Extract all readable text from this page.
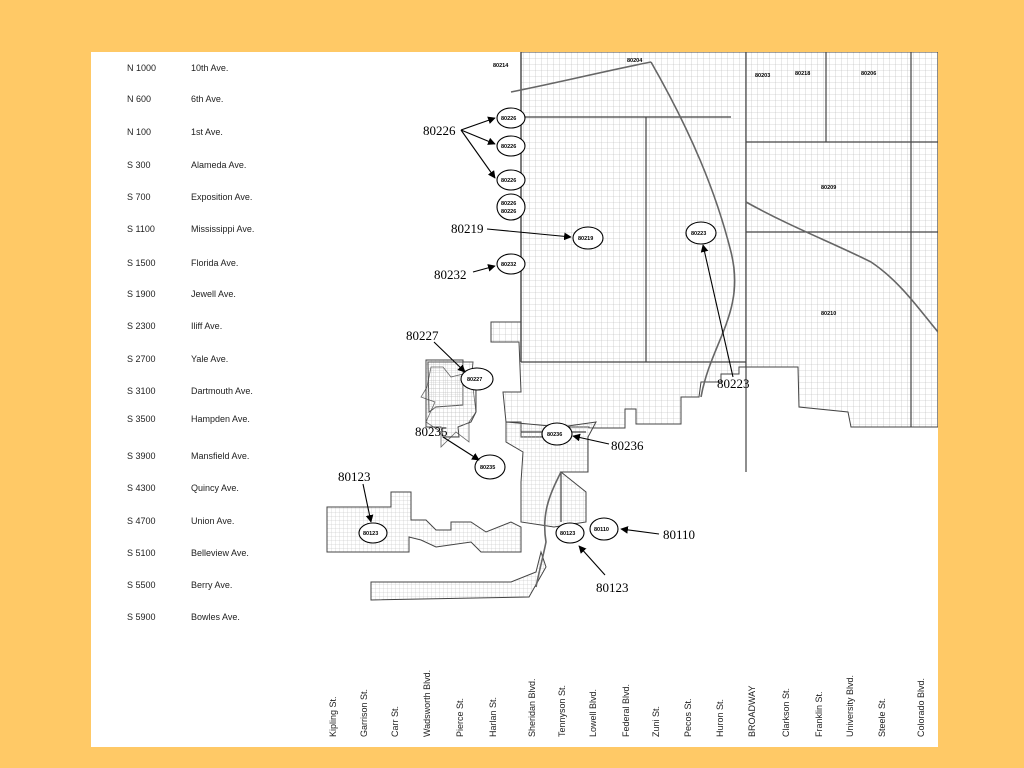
N 1000	10th Ave.
N 600	6th Ave.
N 100	1st Ave.
S 300	Alameda Ave.
S 700	Exposition Ave.
S 1100	Mississippi Ave.
S 1500	Florida Ave.
S 1900	Jewell Ave.
S 2300	Iliff Ave.
S 2700	Yale Ave.
S 3100	Dartmouth Ave.
S 3500	Hampden Ave.
S 3900	Mansfield Ave.
S 4300	Quincy Ave.
S 4700	Union Ave.
S 5100	Belleview Ave.
S 5500	Berry Ave.
S 5900	Bowles Ave.
80214
80204
80203	80218	80206
80209
80210
80226
80226
80226
80226
80226
80219
80223
80232
80227
80236
80235
80123	80123
80110
80226
80219
80232
80227
80235
80123
80223
80236
80110
80123
Kipling St. Garrison St. Carr St. Wadsworth Blvd.	Pierce St.	Harlan St.	Sheridan Blvd. Tennyson St. Lowell Blvd.	Federal Blvd. Zuni St. Pecos St. Huron St. BROADWAY	Clarkson St.	Franklin St. University Blvd. Steele St.	Colorado Blvd.
